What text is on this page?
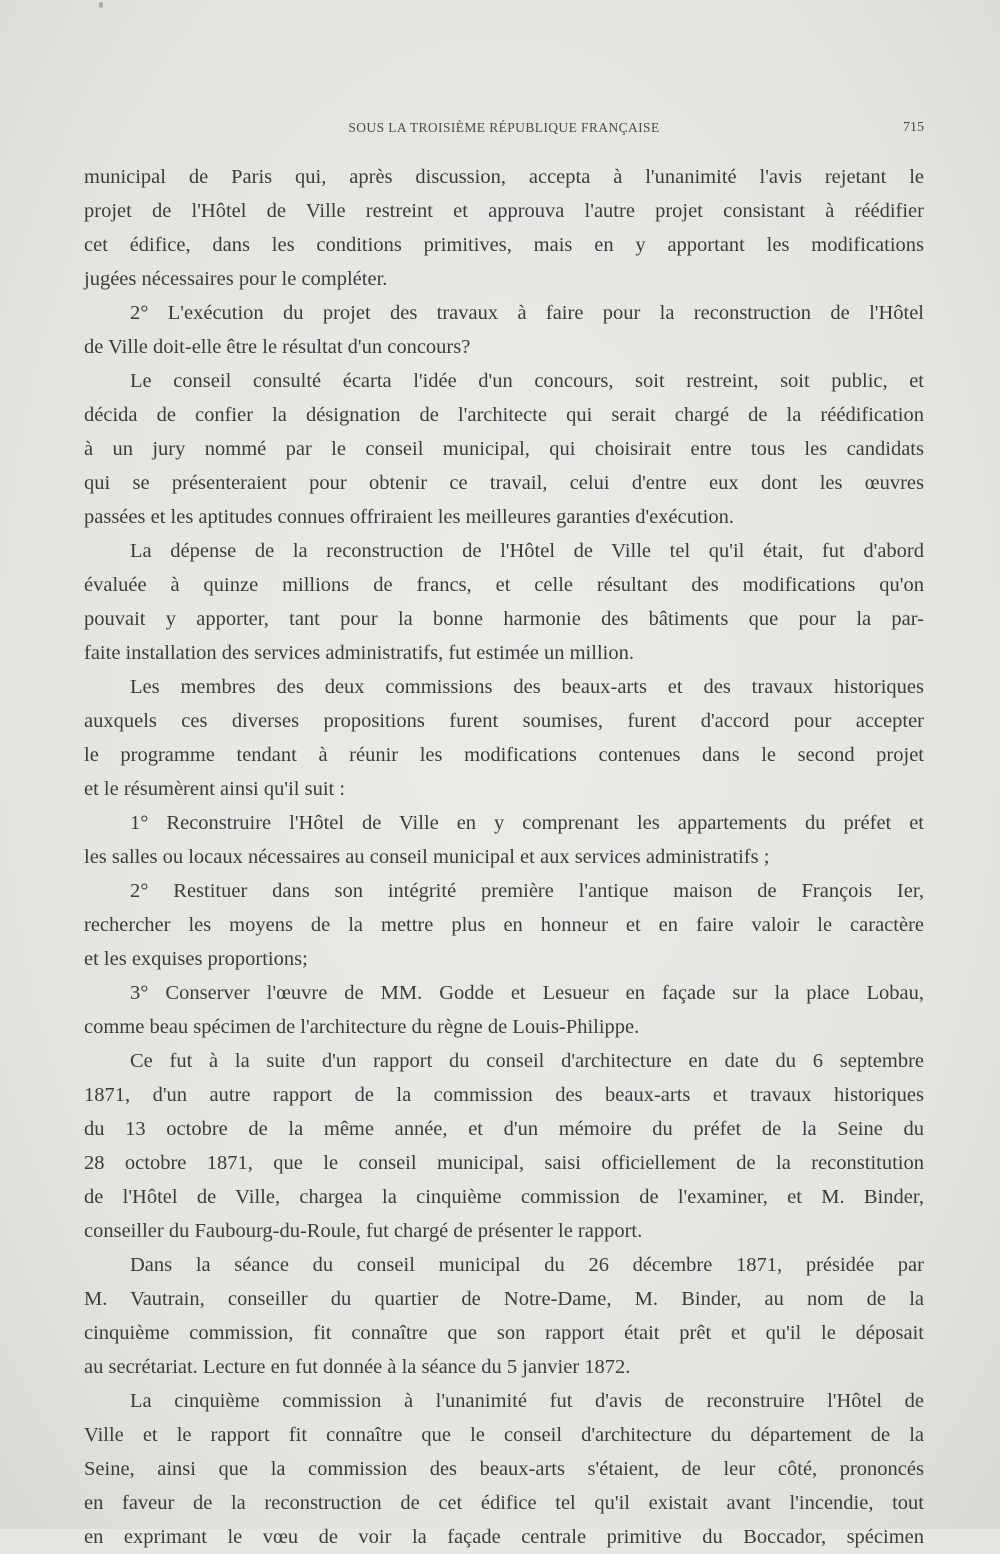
SOUS LA TROISIÈME RÉPUBLIQUE FRANÇAISE	715
municipal de Paris qui, après discussion, accepta à l'unanimité l'avis rejetant le
projet de l'Hôtel de Ville restreint et approuva l'autre projet consistant à réédifier
cet édifice, dans les conditions primitives, mais en y apportant les modifications
jugées nécessaires pour le compléter.
2° L'exécution du projet des travaux à faire pour la reconstruction de l'Hôtel
de Ville doit-elle être le résultat d'un concours?
Le conseil consulté écarta l'idée d'un concours, soit restreint, soit public, et
décida de confier la désignation de l'architecte qui serait chargé de la réédification
à un jury nommé par le conseil municipal, qui choisirait entre tous les candidats
qui se présenteraient pour obtenir ce travail, celui d'entre eux dont les œuvres
passées et les aptitudes connues offriraient les meilleures garanties d'exécution.
La dépense de la reconstruction de l'Hôtel de Ville tel qu'il était, fut d'abord
évaluée à quinze millions de francs, et celle résultant des modifications qu'on
pouvait y apporter, tant pour la bonne harmonie des bâtiments que pour la par-
faite installation des services administratifs, fut estimée un million.
Les membres des deux commissions des beaux-arts et des travaux historiques
auxquels ces diverses propositions furent soumises, furent d'accord pour accepter
le programme tendant à réunir les modifications contenues dans le second projet
et le résumèrent ainsi qu'il suit :
1° Reconstruire l'Hôtel de Ville en y comprenant les appartements du préfet et
les salles ou locaux nécessaires au conseil municipal et aux services administratifs ;
2° Restituer dans son intégrité première l'antique maison de François Ier,
rechercher les moyens de la mettre plus en honneur et en faire valoir le caractère
et les exquises proportions;
3° Conserver l'œuvre de MM. Godde et Lesueur en façade sur la place Lobau,
comme beau spécimen de l'architecture du règne de Louis-Philippe.
Ce fut à la suite d'un rapport du conseil d'architecture en date du 6 septembre
1871, d'un autre rapport de la commission des beaux-arts et travaux historiques
du 13 octobre de la même année, et d'un mémoire du préfet de la Seine du
28 octobre 1871, que le conseil municipal, saisi officiellement de la reconstitution
de l'Hôtel de Ville, chargea la cinquième commission de l'examiner, et M. Binder,
conseiller du Faubourg-du-Roule, fut chargé de présenter le rapport.
Dans la séance du conseil municipal du 26 décembre 1871, présidée par
M. Vautrain, conseiller du quartier de Notre-Dame, M. Binder, au nom de la
cinquième commission, fit connaître que son rapport était prêt et qu'il le déposait
au secrétariat. Lecture en fut donnée à la séance du 5 janvier 1872.
La cinquième commission à l'unanimité fut d'avis de reconstruire l'Hôtel de
Ville et le rapport fit connaître que le conseil d'architecture du département de la
Seine, ainsi que la commission des beaux-arts s'étaient, de leur côté, prononcés
en faveur de la reconstruction de cet édifice tel qu'il existait avant l'incendie, tout
en exprimant le vœu de voir la façade centrale primitive du Boccador, spécimen
